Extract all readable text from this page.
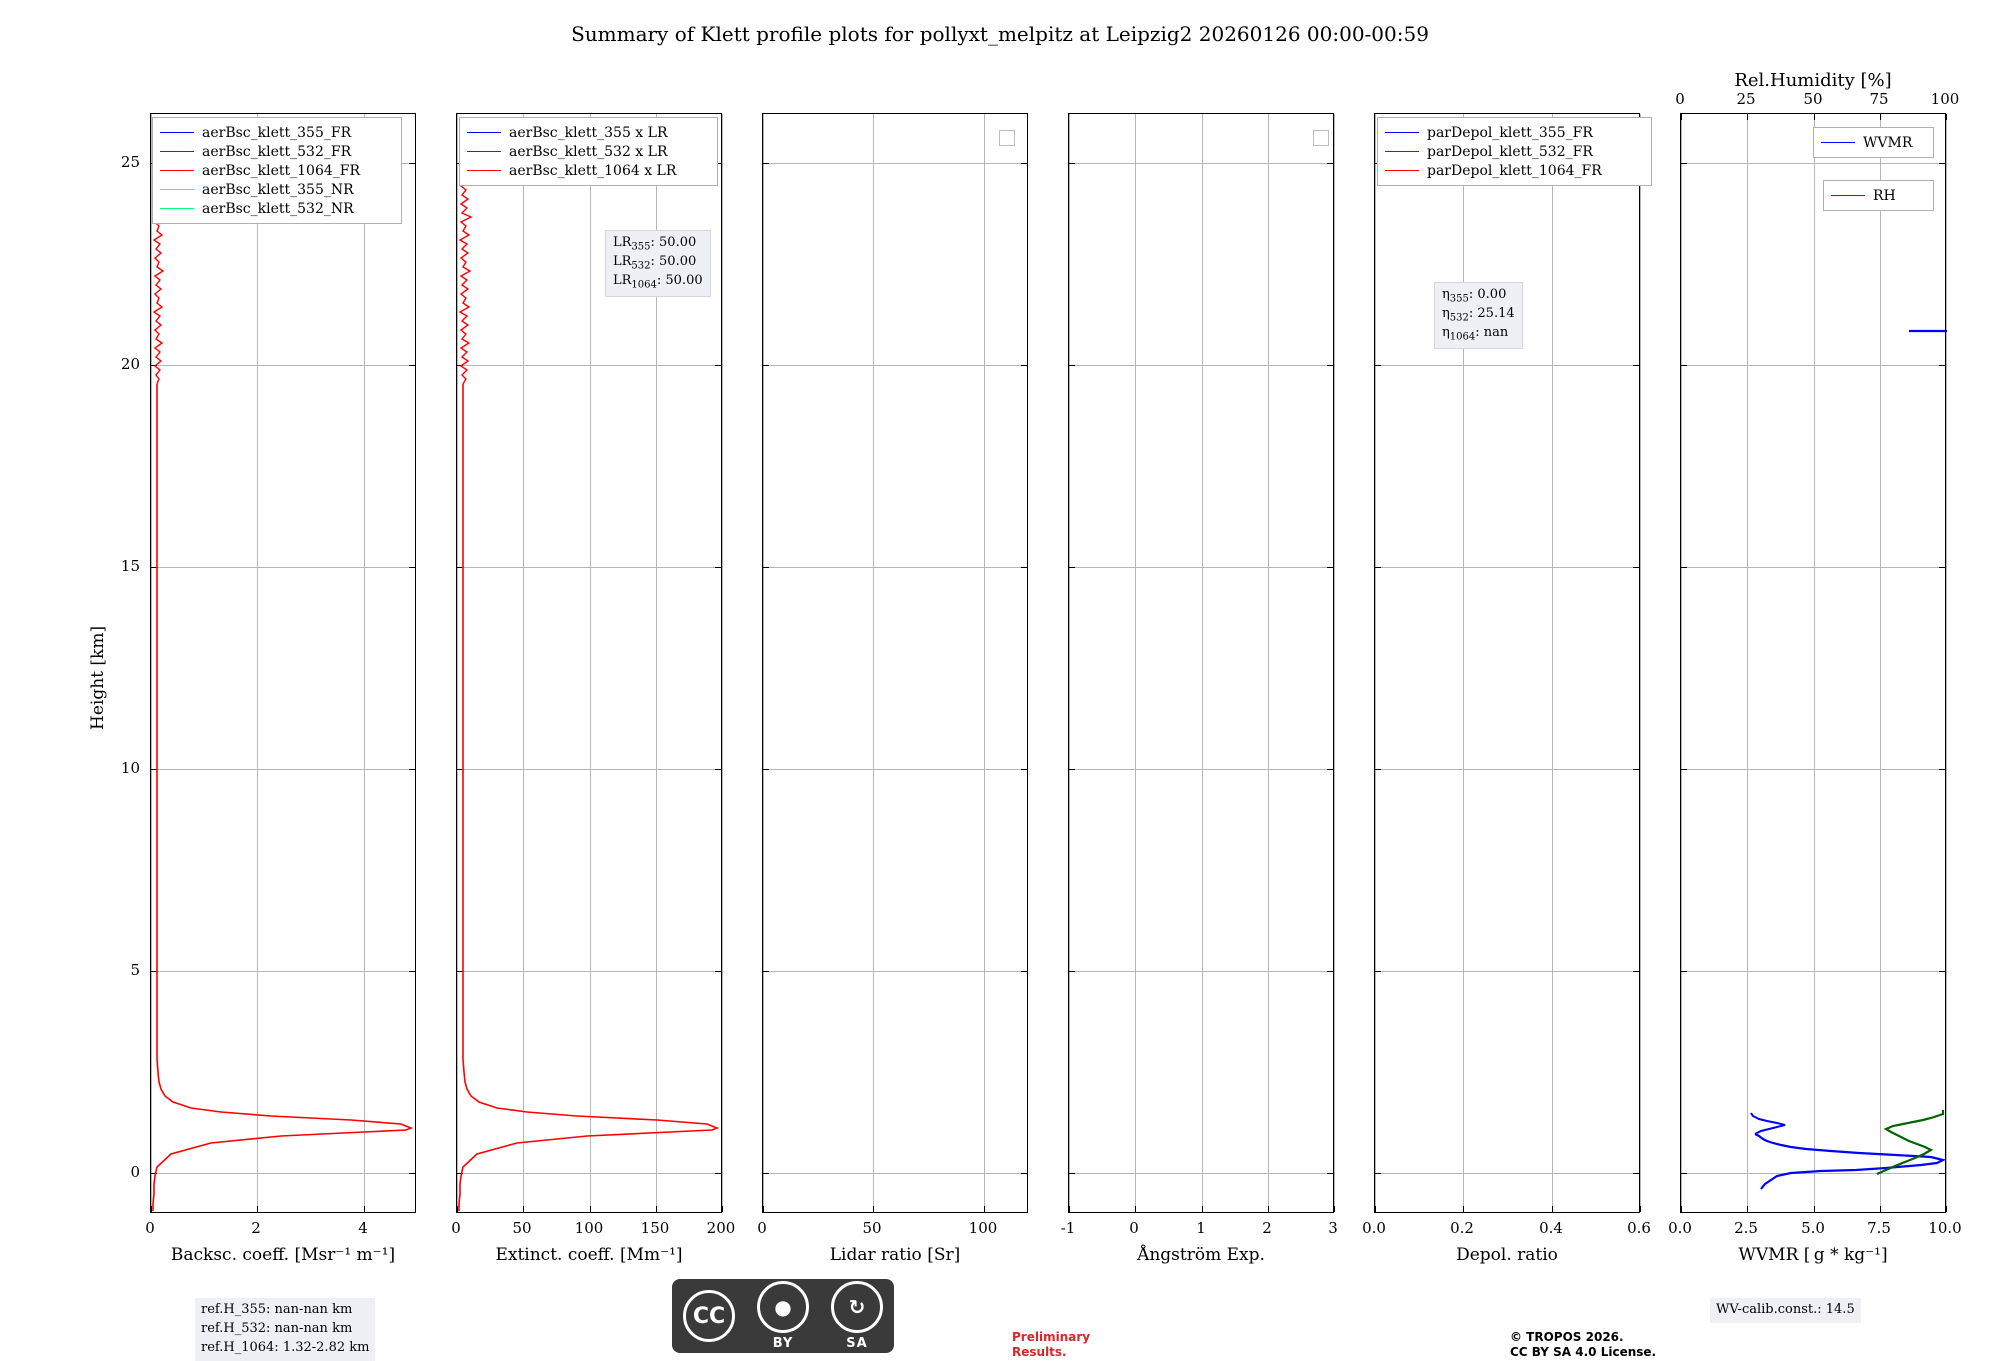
Summary of Klett profile plots for pollyxt_melpitz at Leipzig2 20260126 00:00-00:59
0
5
10
15
20
25
Height [km]
0	2	4
Backsc. coeff. [Msr⁻¹ m⁻¹]
aerBsc_klett_355_FR
aerBsc_klett_532_FR
aerBsc_klett_1064_FR
aerBsc_klett_355_NR
aerBsc_klett_532_NR
0	50	100	150	200
Extinct. coeff. [Mm⁻¹]
aerBsc_klett_355 x LR
aerBsc_klett_532 x LR
aerBsc_klett_1064 x LR
$LR_{355}$: 50.00
$LR_{532}$: 50.00
$LR_{1064}$: 50.00
0	50	100
Lidar ratio [Sr]
-1	0	1	2	3
Ångström Exp.
0.0	0.2	0.4	0.6
Depol. ratio
parDepol_klett_355_FR
parDepol_klett_532_FR
parDepol_klett_1064_FR
$\eta_{355}$: 0.00
$\eta_{532}$: 25.14
$\eta_{1064}$: nan
0.0	2.5	5.0	7.5	10.0
WVMR [ g * kg⁻¹]
0	25	50	75	100
Rel.Humidity [%]
WVMR
RH
ref.H_355: nan-nan km
ref.H_532: nan-nan km
ref.H_1064: 1.32-2.82 km
WV-calib.const.: 14.5
CC	●
BY
↻
SA	Preliminary
Results.
© TROPOS 2026.
CC BY SA 4.0 License.
